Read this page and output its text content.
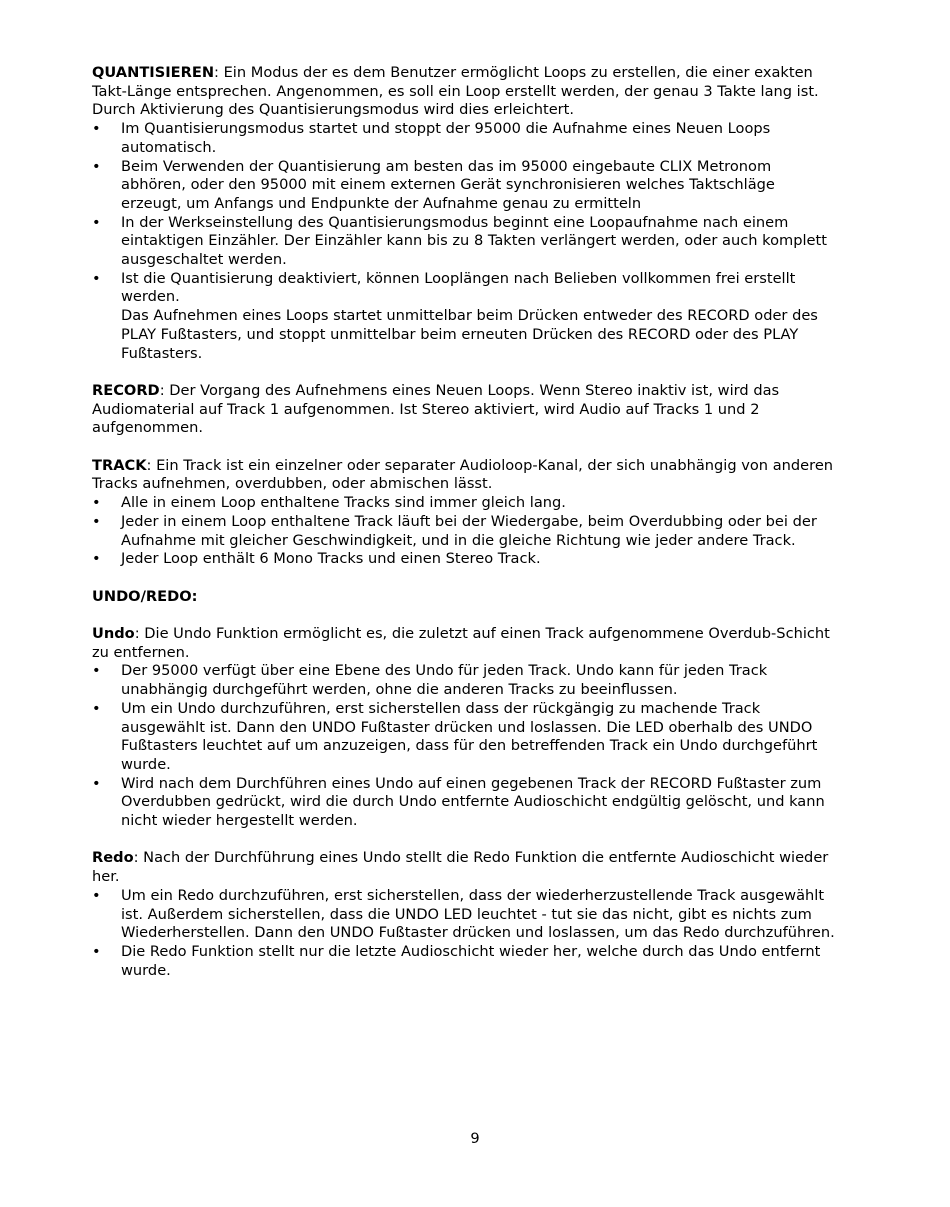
QUANTISIEREN: Ein Modus der es dem Benutzer ermöglicht Loops zu erstellen, die einer exakten Takt-Länge entsprechen. Angenommen, es soll ein Loop erstellt werden, der genau 3 Takte lang ist. Durch Aktivierung des Quantisierungsmodus wird dies erleichtert.

• Im Quantisierungsmodus startet und stoppt der 95000 die Aufnahme eines Neuen Loops automatisch.
• Beim Verwenden der Quantisierung am besten das im 95000 eingebaute CLIX Metronom abhören, oder den 95000 mit einem externen Gerät synchronisieren welches Taktschläge erzeugt, um Anfangs und Endpunkte der Aufnahme genau zu ermitteln
• In der Werkseinstellung des Quantisierungsmodus beginnt eine Loopaufnahme nach einem eintaktigen Einzähler. Der Einzähler kann bis zu 8 Takten verlängert werden, oder auch komplett ausgeschaltet werden.
• Ist die Quantisierung deaktiviert, können Looplängen nach Belieben vollkommen frei erstellt werden.

Das Aufnehmen eines Loops startet unmittelbar beim Drücken entweder des RECORD oder des PLAY Fußtasters, und stoppt unmittelbar beim erneuten Drücken des RECORD oder des PLAY Fußtasters.

RECORD: Der Vorgang des Aufnehmens eines Neuen Loops. Wenn Stereo inaktiv ist, wird das Audiomaterial auf Track 1 aufgenommen. Ist Stereo aktiviert, wird Audio auf Tracks 1 und 2 aufgenommen.

TRACK: Ein Track ist ein einzelner oder separater Audioloop-Kanal, der sich unabhängig von anderen Tracks aufnehmen, overdubben, oder abmischen lässt.

• Alle in einem Loop enthaltene Tracks sind immer gleich lang.
• Jeder in einem Loop enthaltene Track läuft bei der Wiedergabe, beim Overdubbing oder bei der Aufnahme mit gleicher Geschwindigkeit, und in die gleiche Richtung wie jeder andere Track.
• Jeder Loop enthält 6 Mono Tracks und einen Stereo Track.

UNDO/REDO:

Undo: Die Undo Funktion ermöglicht es, die zuletzt auf einen Track aufgenommene Overdub-Schicht zu entfernen.

• Der 95000 verfügt über eine Ebene des Undo für jeden Track. Undo kann für jeden Track unabhängig durchgeführt werden, ohne die anderen Tracks zu beeinflussen.
• Um ein Undo durchzuführen, erst sicherstellen dass der rückgängig zu machende Track ausgewählt ist. Dann den UNDO Fußtaster drücken und loslassen. Die LED oberhalb des UNDO Fußtasters leuchtet auf um anzuzeigen, dass für den betreffenden Track ein Undo durchgeführt wurde.
• Wird nach dem Durchführen eines Undo auf einen gegebenen Track der RECORD Fußtaster zum Overdubben gedrückt, wird die durch Undo entfernte Audioschicht endgültig gelöscht, und kann nicht wieder hergestellt werden.

Redo: Nach der Durchführung eines Undo stellt die Redo Funktion die entfernte Audioschicht wieder her.

• Um ein Redo durchzuführen, erst sicherstellen, dass der wiederherzustellende Track ausgewählt ist. Außerdem sicherstellen, dass die UNDO LED leuchtet - tut sie das nicht, gibt es nichts zum Wiederherstellen. Dann den UNDO Fußtaster drücken und loslassen, um das Redo durchzuführen.
• Die Redo Funktion stellt nur die letzte Audioschicht wieder her, welche durch das Undo entfernt wurde.
9
